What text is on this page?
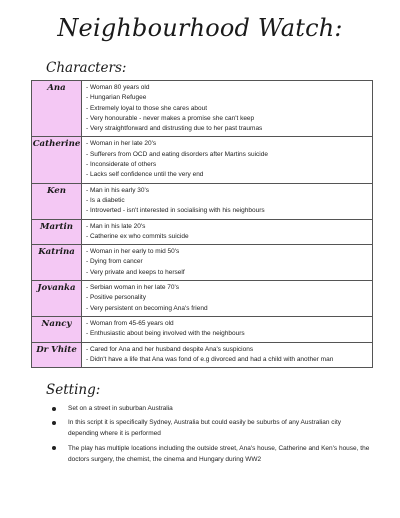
Neighbourhood Watch:
Characters:
Ana	- Woman 80 years old
- Hungarian Refugee
- Extremely loyal to those she cares about
- Very honourable - never makes a promise she can't keep
- Very straightforward and distrusting due to her past traumas

Catherine	- Woman in her late 20's
- Sufferers from OCD and eating disorders after Martins suicide
- Inconsiderate of others
- Lacks self confidence until the very end

Ken	- Man in his early 30's
- Is a diabetic
- Introverted - isn't interested in socialising with his neighbours

Martin	- Man in his late 20's
- Catherine ex who commits suicide

Katrina	- Woman in her early to mid 50's
- Dying from cancer
- Very private and keeps to herself

Jovanka	- Serbian woman in her late 70's
- Positive personality
- Very persistent on becoming Ana's friend

Nancy	- Woman from 45-65 years old
- Enthusiastic about being involved with the neighbours

Dr Vhite	- Cared for Ana and her husband despite Ana's suspicions
- Didn't have a life that Ana was fond of e.g divorced and had a child with another man
Setting:
Set on a street in suburban Australia
In this script it is specifically Sydney, Australia but could easily be suburbs of any Australian city depending where it is performed
The play has multiple locations including the outside street, Ana's house, Catherine and Ken's house, the doctors surgery, the chemist, the cinema and Hungary during WW2
